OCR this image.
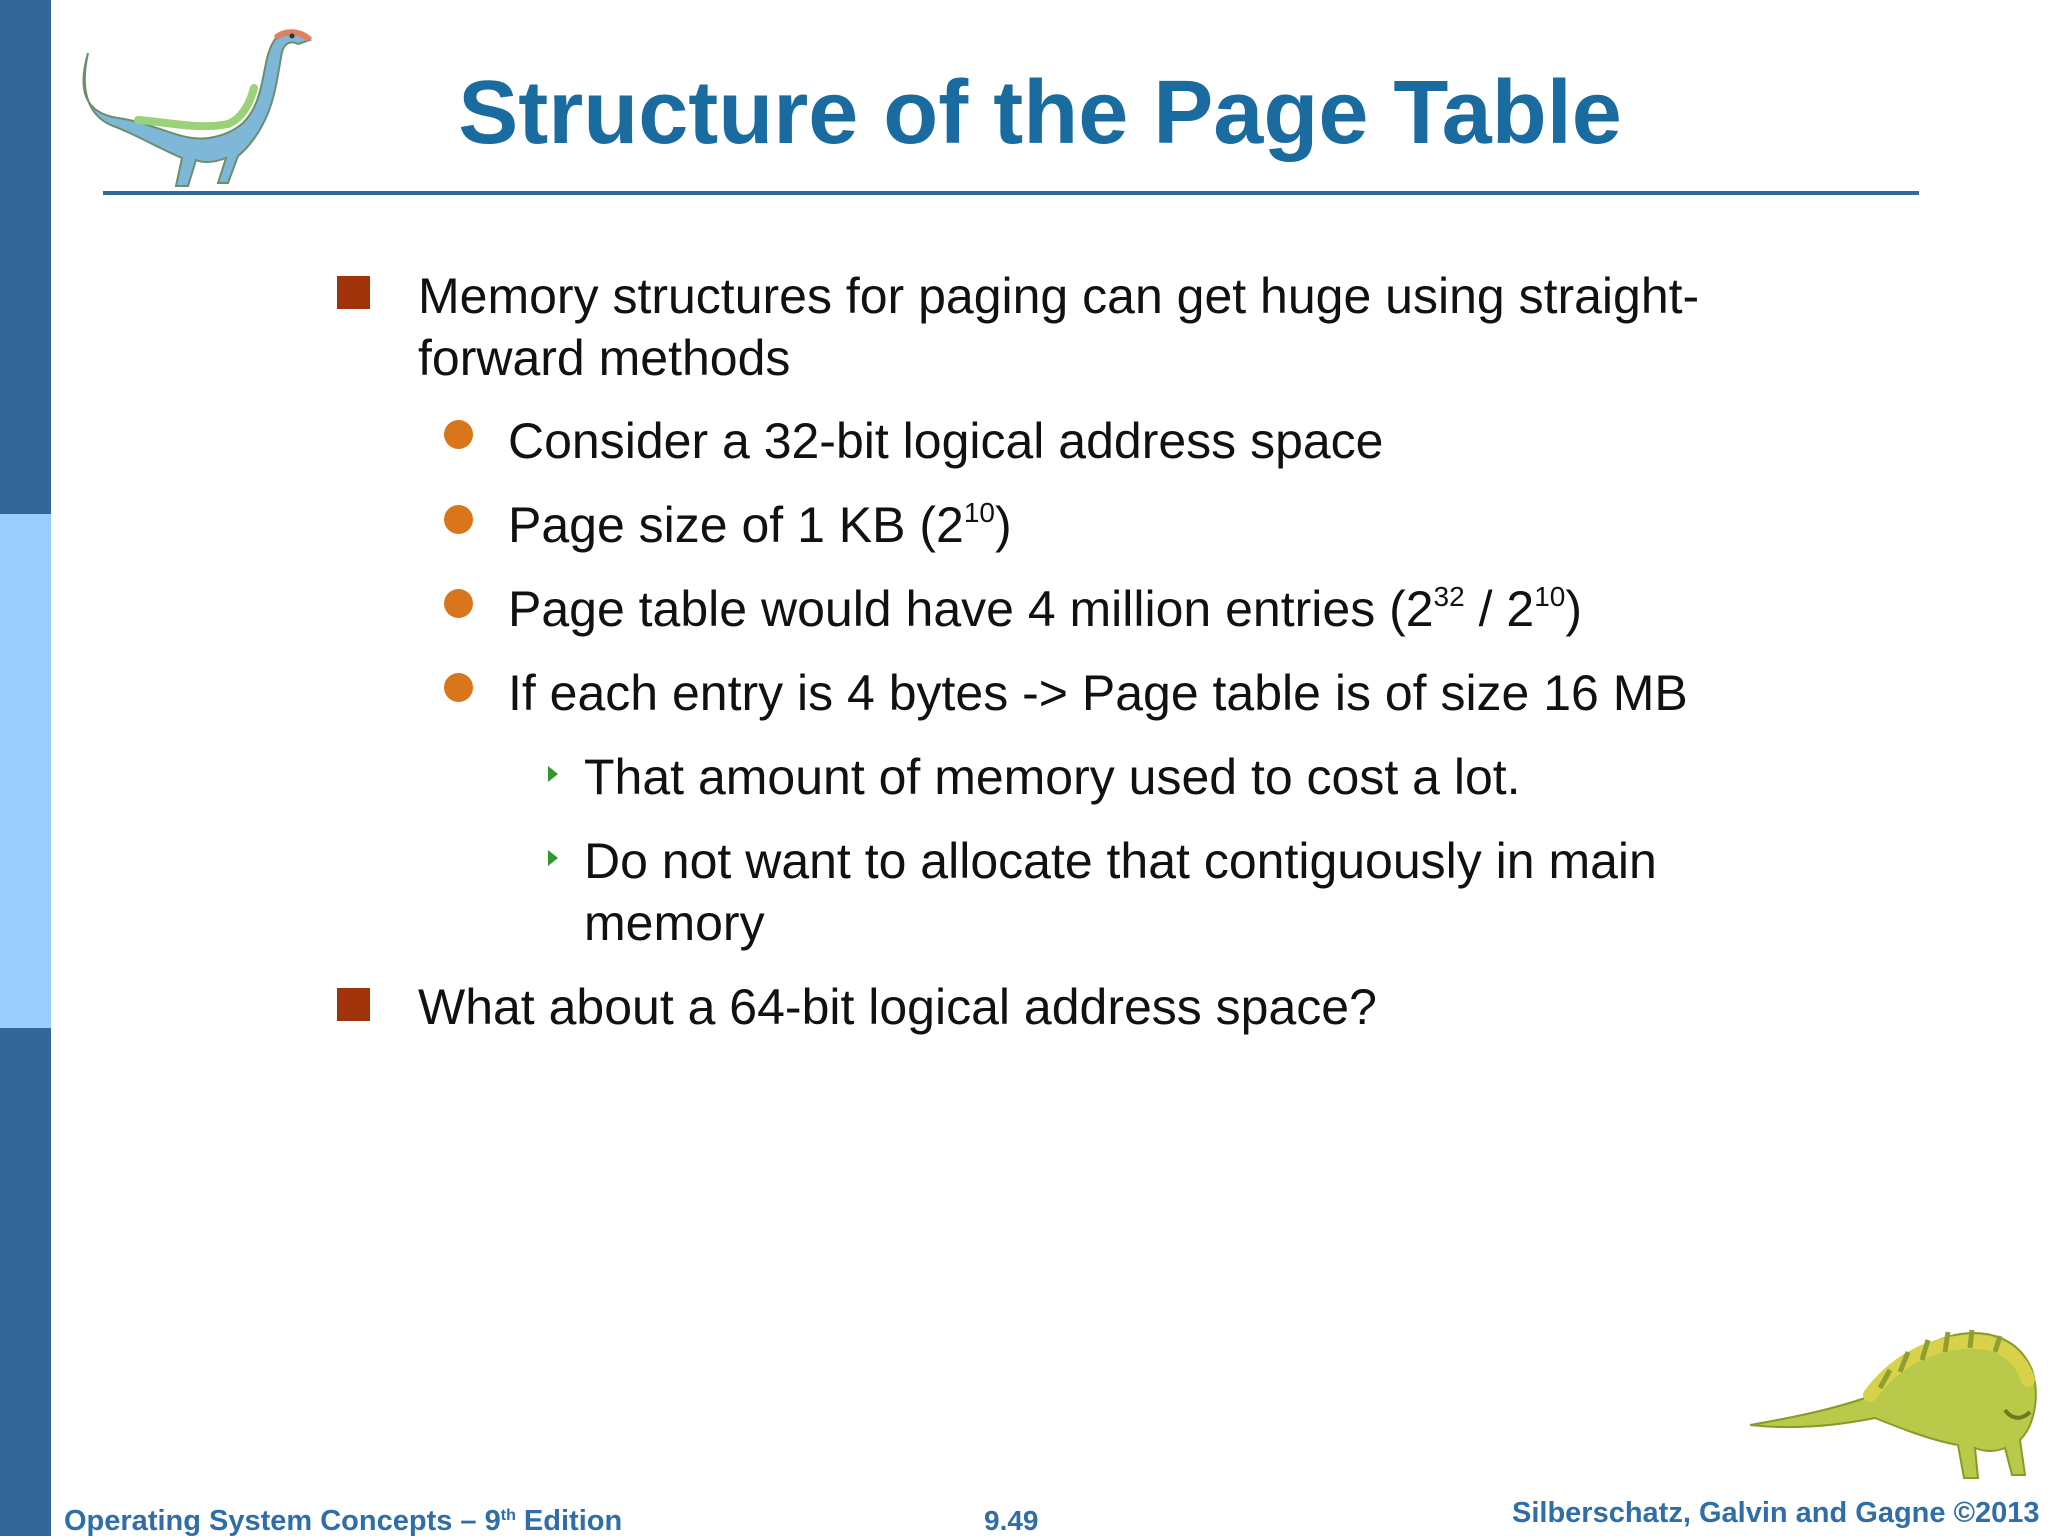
Structure of the Page Table
Memory structures for paging can get huge using straight-
forward methods
Consider a 32-bit logical address space
Page size of 1 KB $(2^{10})$
Page table would have 4 million entries $(2^{32} / 2^{10})$
If each entry is 4 bytes -> Page table is of size 16 MB
That amount of memory used to cost a lot.
Do not want to allocate that contiguously in main
memory
What about a 64-bit logical address space?
Operating System Concepts – 9th Edition	9.49	Silberschatz, Galvin and Gagne ©2013
